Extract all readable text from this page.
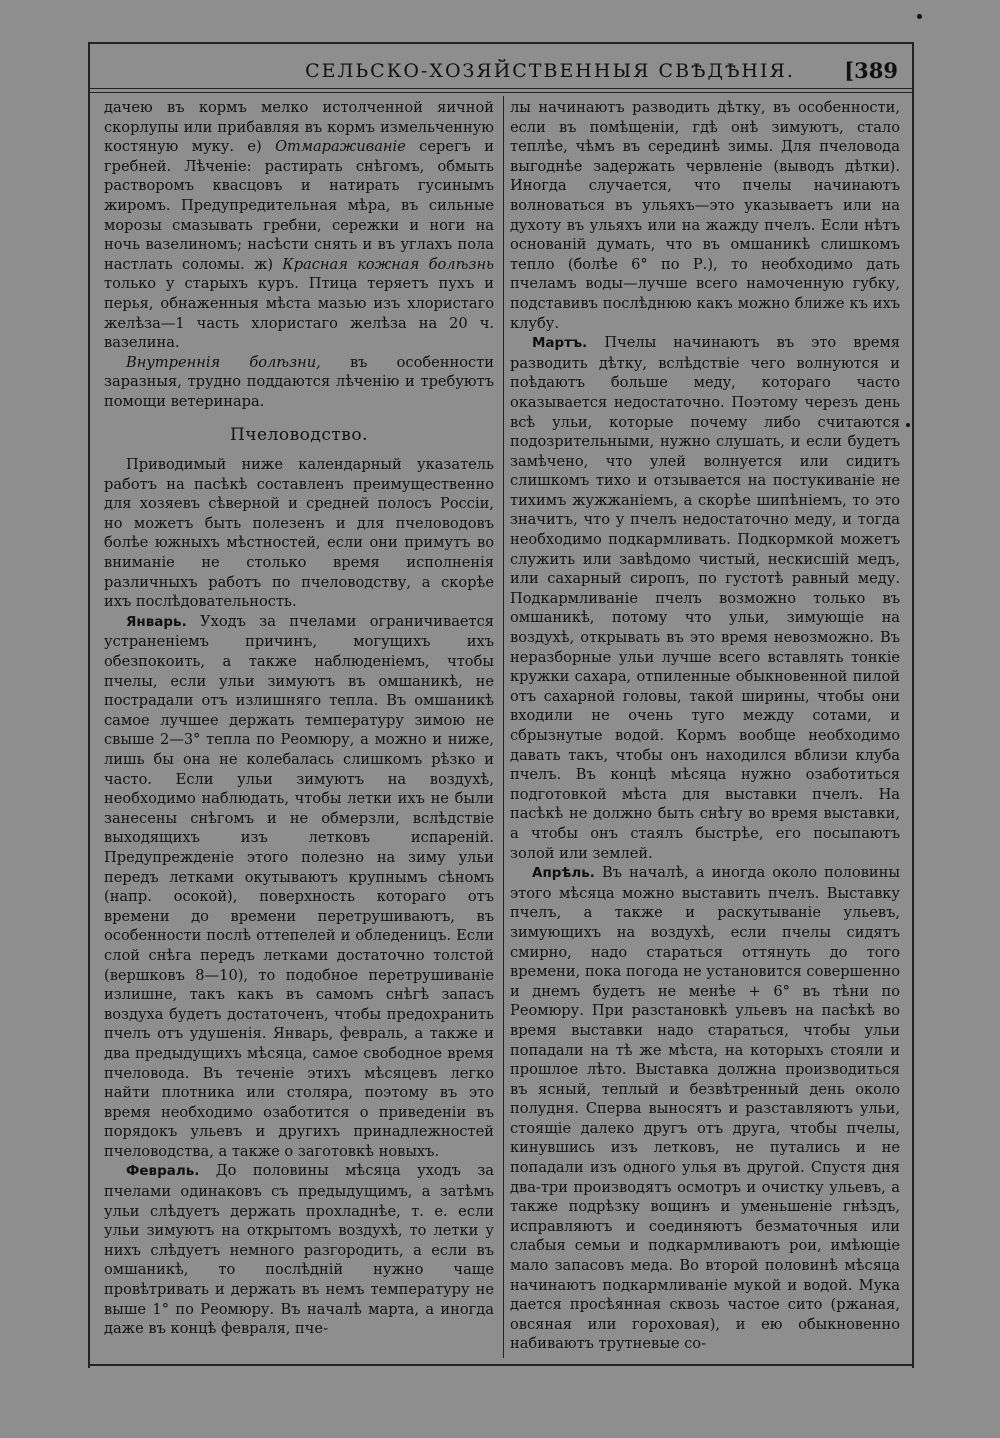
СЕЛЬСКО-ХОЗЯЙСТВЕННЫЯ СВѢДѢНІЯ. [389

дачею въ кормъ мелко истолченной яичной скорлупы или прибавляя въ кормъ измельченную костяную муку. е) Отмараживаніе серегъ и гребней. Лѣченіе: растирать снѣгомъ, обмыть растворомъ квасцовъ и натирать гусинымъ жиромъ. Предупредительная мѣра, въ сильные морозы смазывать гребни, сережки и ноги на ночь вазелиномъ; насѣсти снять и въ углахъ пола настлать соломы. ж) Красная кожная болѣзнь только у старыхъ куръ. Птица теряетъ пухъ и перья, обнаженныя мѣста мазью изъ хлористаго желѣза—1 часть хлористаго желѣза на 20 ч. вазелина.

Внутреннія болѣзни, въ особенности заразныя, трудно поддаются лѣченію и требуютъ помощи ветеринара.

Пчеловодство.

Приводимый ниже календарный указатель работъ на пасѣкѣ составленъ преимущественно для хозяевъ сѣверной и средней полосъ Россіи, но можетъ быть полезенъ и для пчеловодовъ болѣе южныхъ мѣстностей, если они примутъ во вниманіе не столько время исполненія различныхъ работъ по пчеловодству, а скорѣе ихъ послѣдовательность.

Январь. Уходъ за пчелами ограничивается устраненіемъ причинъ, могущихъ ихъ обезпокоить, а также наблюденіемъ, чтобы пчелы, если ульи зимуютъ въ омшаникѣ, не пострадали отъ излишняго тепла. Въ омшаникѣ самое лучшее держать температуру зимою не свыше 2—3° тепла по Реомюру, а можно и ниже, лишь бы она не колебалась слишкомъ рѣзко и часто. Если ульи зимуютъ на воздухѣ, необходимо наблюдать, чтобы летки ихъ не были занесены снѣгомъ и не обмерзли, вслѣдствіе выходящихъ изъ летковъ испареній. Предупрежденіе этого полезно на зиму ульи передъ летками окутываютъ крупнымъ сѣномъ (напр. осокой), поверхность котораго отъ времени до времени перетрушиваютъ, въ особенности послѣ оттепелей и обледеницъ. Если слой снѣга передъ летками достаточно толстой (вершковъ 8—10), то подобное перетрушиваніе излишне, такъ какъ въ самомъ снѣгѣ запасъ воздуха будетъ достаточенъ, чтобы предохранить пчелъ отъ удушенія. Январь, февраль, а также и два предыдущихъ мѣсяца, самое свободное время пчеловода. Въ теченіе этихъ мѣсяцевъ легко найти плотника или столяра, поэтому въ это время необходимо озаботится о приведеніи въ порядокъ ульевъ и другихъ принадлежностей пчеловодства, а также о заготовкѣ новыхъ.

Февраль. До половины мѣсяца уходъ за пчелами одинаковъ съ предыдущимъ, а затѣмъ ульи слѣдуетъ держать прохладнѣе, т. е. если ульи зимуютъ на открытомъ воздухѣ, то летки у нихъ слѣдуетъ немного разгородить, а если въ омшаникѣ, то послѣдній нужно чаще провѣтривать и держать въ немъ температуру не выше 1° по Реомюру. Въ началѣ марта, а иногда даже въ концѣ февраля, пче-

лы начинаютъ разводить дѣтку, въ особенности, если въ помѣщеніи, гдѣ онѣ зимуютъ, стало теплѣе, чѣмъ въ серединѣ зимы. Для пчеловода выгоднѣе задержать червленіе (выводъ дѣтки). Иногда случается, что пчелы начинаютъ волноваться въ ульяхъ—это указываетъ или на духоту въ ульяхъ или на жажду пчелъ. Если нѣтъ основаній думать, что въ омшаникѣ слишкомъ тепло (болѣе 6° по Р.), то необходимо дать пчеламъ воды—лучше всего намоченную губку, подставивъ послѣднюю какъ можно ближе къ ихъ клубу.

Мартъ. Пчелы начинаютъ въ это время разводить дѣтку, вслѣдствіе чего волнуются и поѣдаютъ больше меду, котораго часто оказывается недостаточно. Поэтому черезъ день всѣ ульи, которые почему либо считаются подозрительными, нужно слушать, и если будетъ замѣчено, что улей волнуется или сидитъ слишкомъ тихо и отзывается на постукиваніе не тихимъ жужжаніемъ, а скорѣе шипѣніемъ, то это значитъ, что у пчелъ недостаточно меду, и тогда необходимо подкармливать. Подкормкой можетъ служить или завѣдомо чистый, нескисшій медъ, или сахарный сиропъ, по густотѣ равный меду. Подкармливаніе пчелъ возможно только въ омшаникѣ, потому что ульи, зимующіе на воздухѣ, открывать въ это время невозможно. Въ неразборные ульи лучше всего вставлять тонкіе кружки сахара, отпиленные обыкновенной пилой отъ сахарной головы, такой ширины, чтобы они входили не очень туго между сотами, и сбрызнутые водой. Кормъ вообще необходимо давать такъ, чтобы онъ находился вблизи клуба пчелъ. Въ концѣ мѣсяца нужно озаботиться подготовкой мѣста для выставки пчелъ. На пасѣкѣ не должно быть снѣгу во время выставки, а чтобы онъ стаялъ быстрѣе, его посыпаютъ золой или землей.

Апрѣль. Въ началѣ, а иногда около половины этого мѣсяца можно выставить пчелъ. Выставку пчелъ, а также и раскутываніе ульевъ, зимующихъ на воздухѣ, если пчелы сидятъ смирно, надо стараться оттянуть до того времени, пока погода не установится совершенно и днемъ будетъ не менѣе + 6° въ тѣни по Реомюру. При разстановкѣ ульевъ на пасѣкѣ во время выставки надо стараться, чтобы ульи попадали на тѣ же мѣста, на которыхъ стояли и прошлое лѣто. Выставка должна производиться въ ясный, теплый и безвѣтренный день около полудня. Сперва выносятъ и разставляютъ ульи, стоящіе далеко другъ отъ друга, чтобы пчелы, кинувшись изъ летковъ, не путались и не попадали изъ одного улья въ другой. Спустя дня два-три производятъ осмотръ и очистку ульевъ, а также подрѣзку вощинъ и уменьшеніе гнѣздъ, исправляютъ и соединяютъ безматочныя или слабыя семьи и подкармливаютъ рои, имѣющіе мало запасовъ меда. Во второй половинѣ мѣсяца начинаютъ подкармливаніе мукой и водой. Мука дается просѣянная сквозь частое сито (ржаная, овсяная или гороховая), и ею обыкновенно набиваютъ трутневые со-
